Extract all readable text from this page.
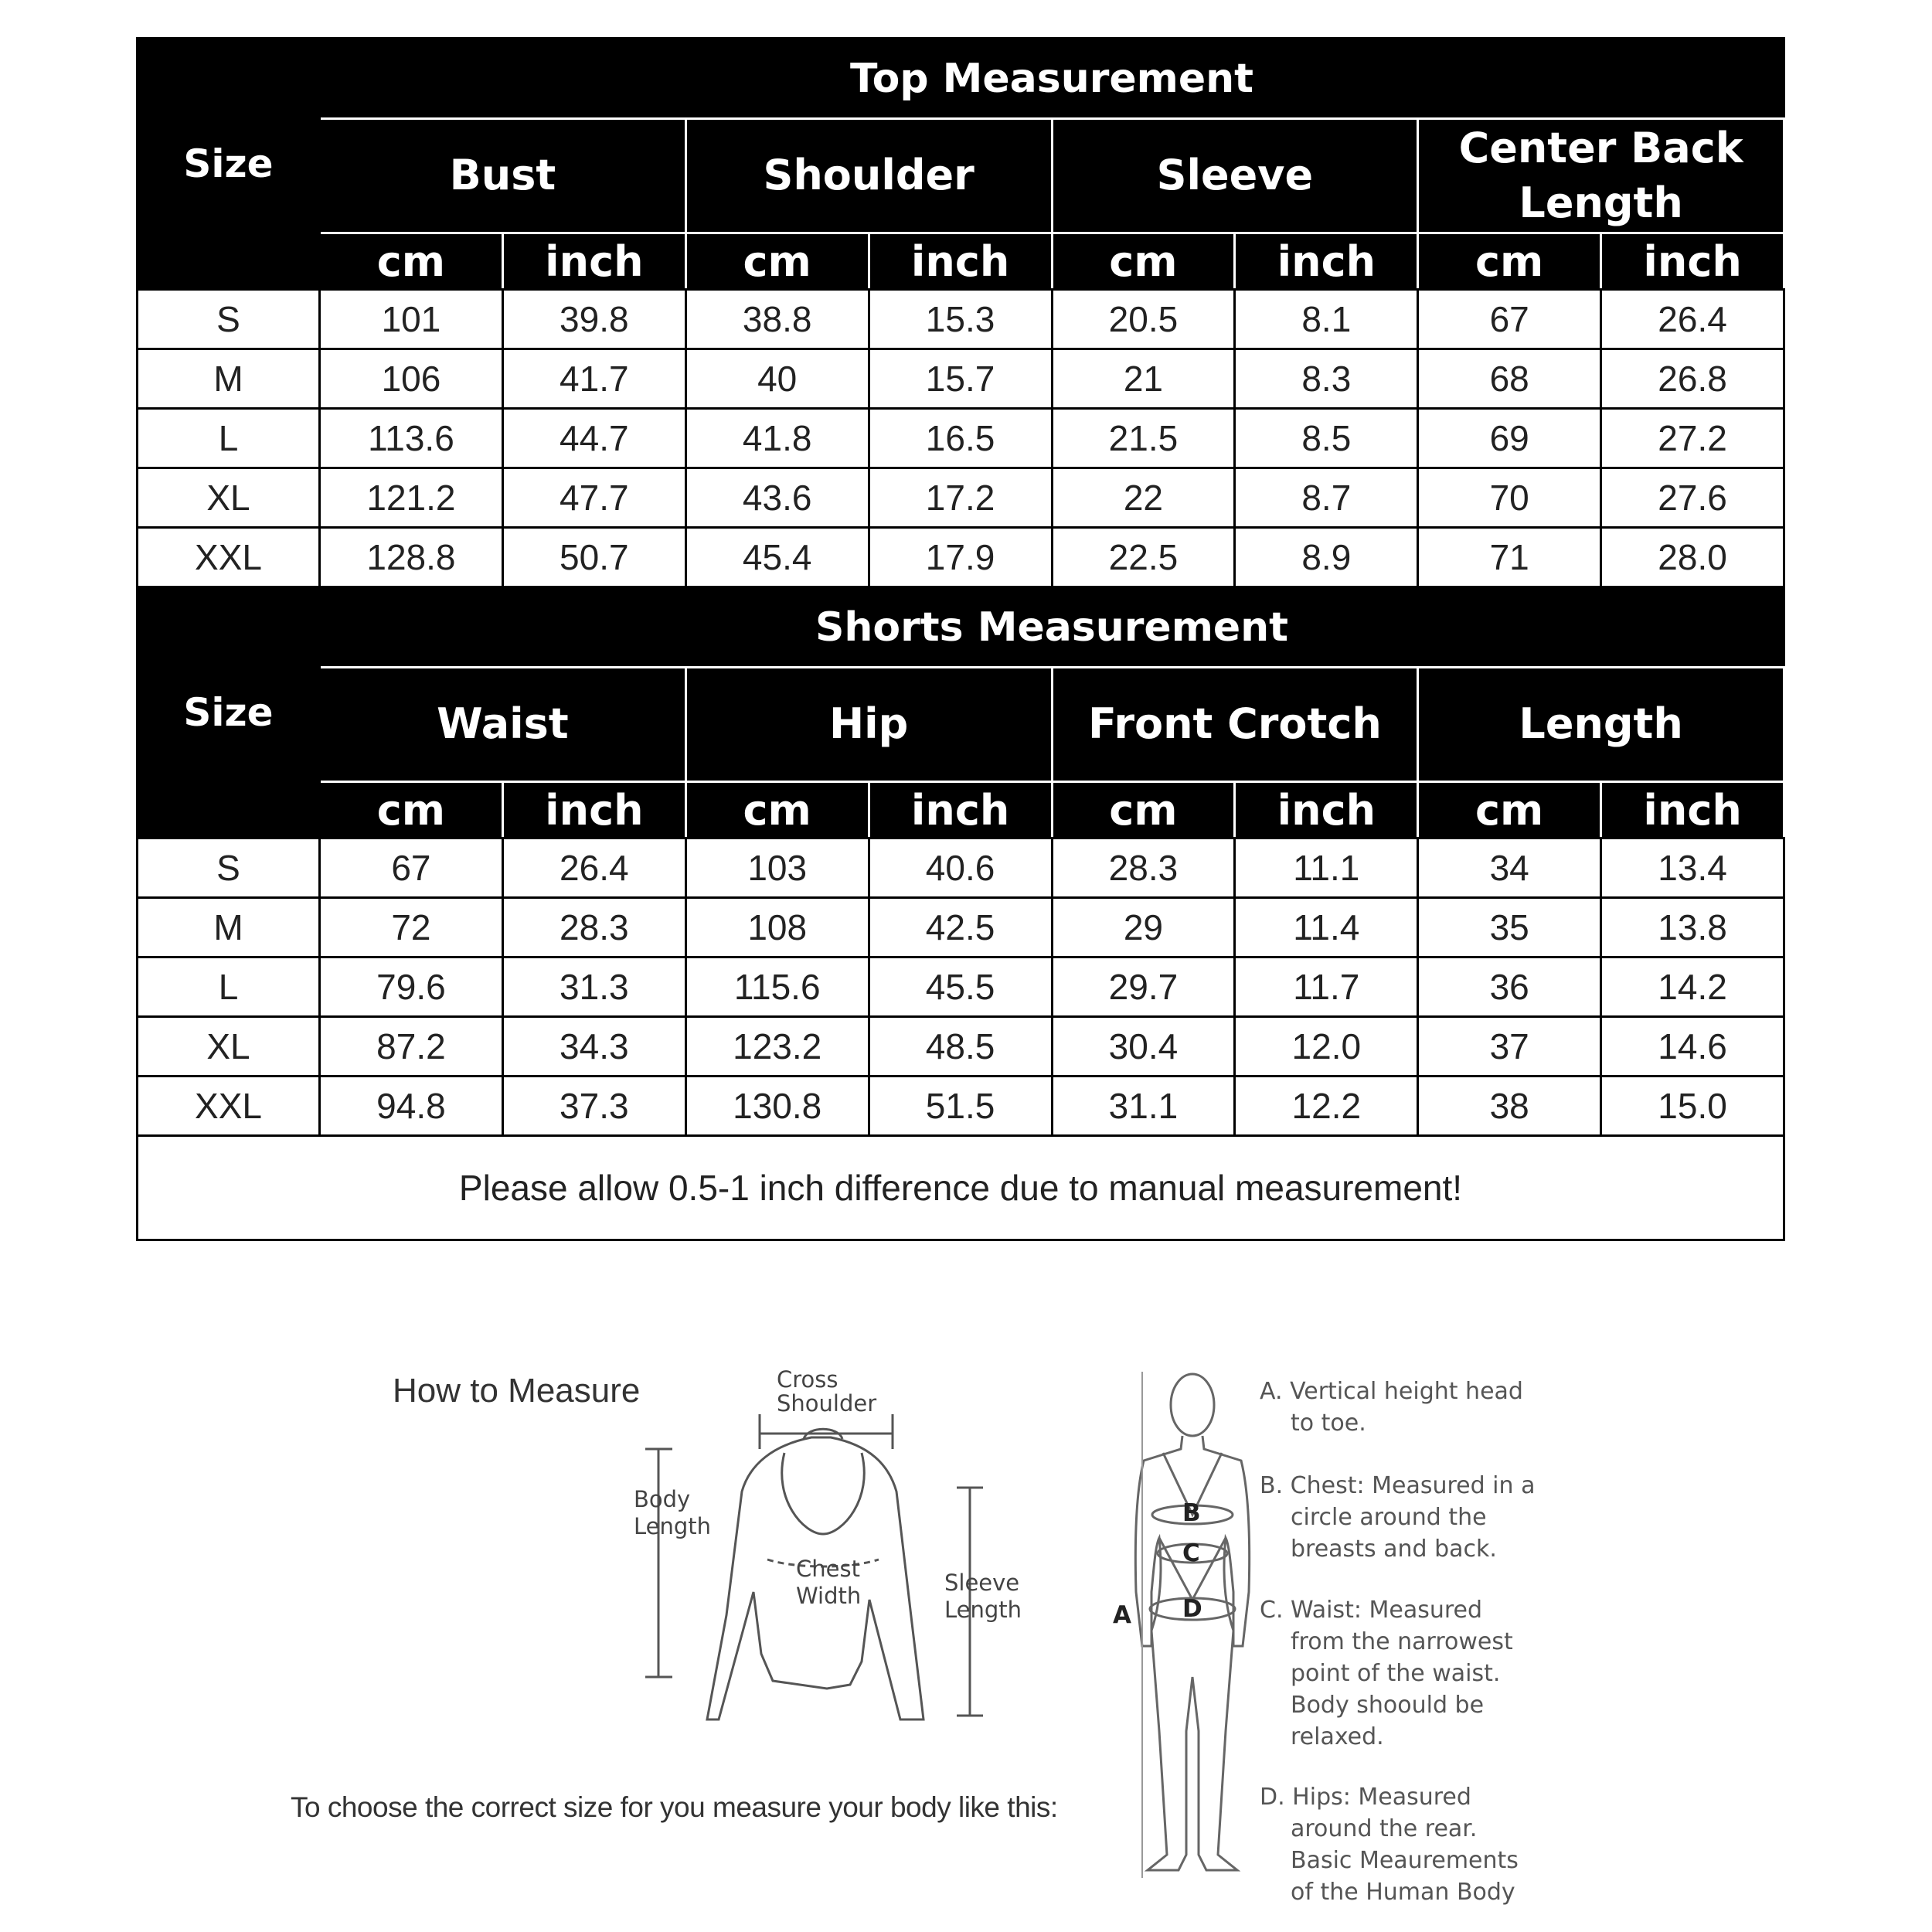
Size	Top Measurement							
	Bust		Shoulder		Sleeve		Center Back Length	
	cm	inch	cm	inch	cm	inch	cm	inch
S	101	39.8	38.8	15.3	20.5	8.1	67	26.4
M	106	41.7	40	15.7	21	8.3	68	26.8
L	113.6	44.7	41.8	16.5	21.5	8.5	69	27.2
XL	121.2	47.7	43.6	17.2	22	8.7	70	27.6
XXL	128.8	50.7	45.4	17.9	22.5	8.9	71	28.0
Size	Shorts Measurement							
	Waist		Hip		Front Crotch		Length	
	cm	inch	cm	inch	cm	inch	cm	inch
S	67	26.4	103	40.6	28.3	11.1	34	13.4
M	72	28.3	108	42.5	29	11.4	35	13.8
L	79.6	31.3	115.6	45.5	29.7	11.7	36	14.2
XL	87.2	34.3	123.2	48.5	30.4	12.0	37	14.6
XXL	94.8	37.3	130.8	51.5	31.1	12.2	38	15.0
Please allow 0.5-1 inch difference due to manual measurement!								
How to Measure
To choose the correct size for you measure your body like this:
Cross
Shoulder
Body
Length
Chest
Width	Sleeve
Length	A
B
C
D
A. Vertical height head
to toe.
B. Chest: Measured in a
circle around the
breasts and back.
C. Waist: Measured
from the narrowest
point of the waist.
Body shoould be
relaxed.
D. Hips: Measured
around the rear.
Basic Meaurements
of the Human Body
